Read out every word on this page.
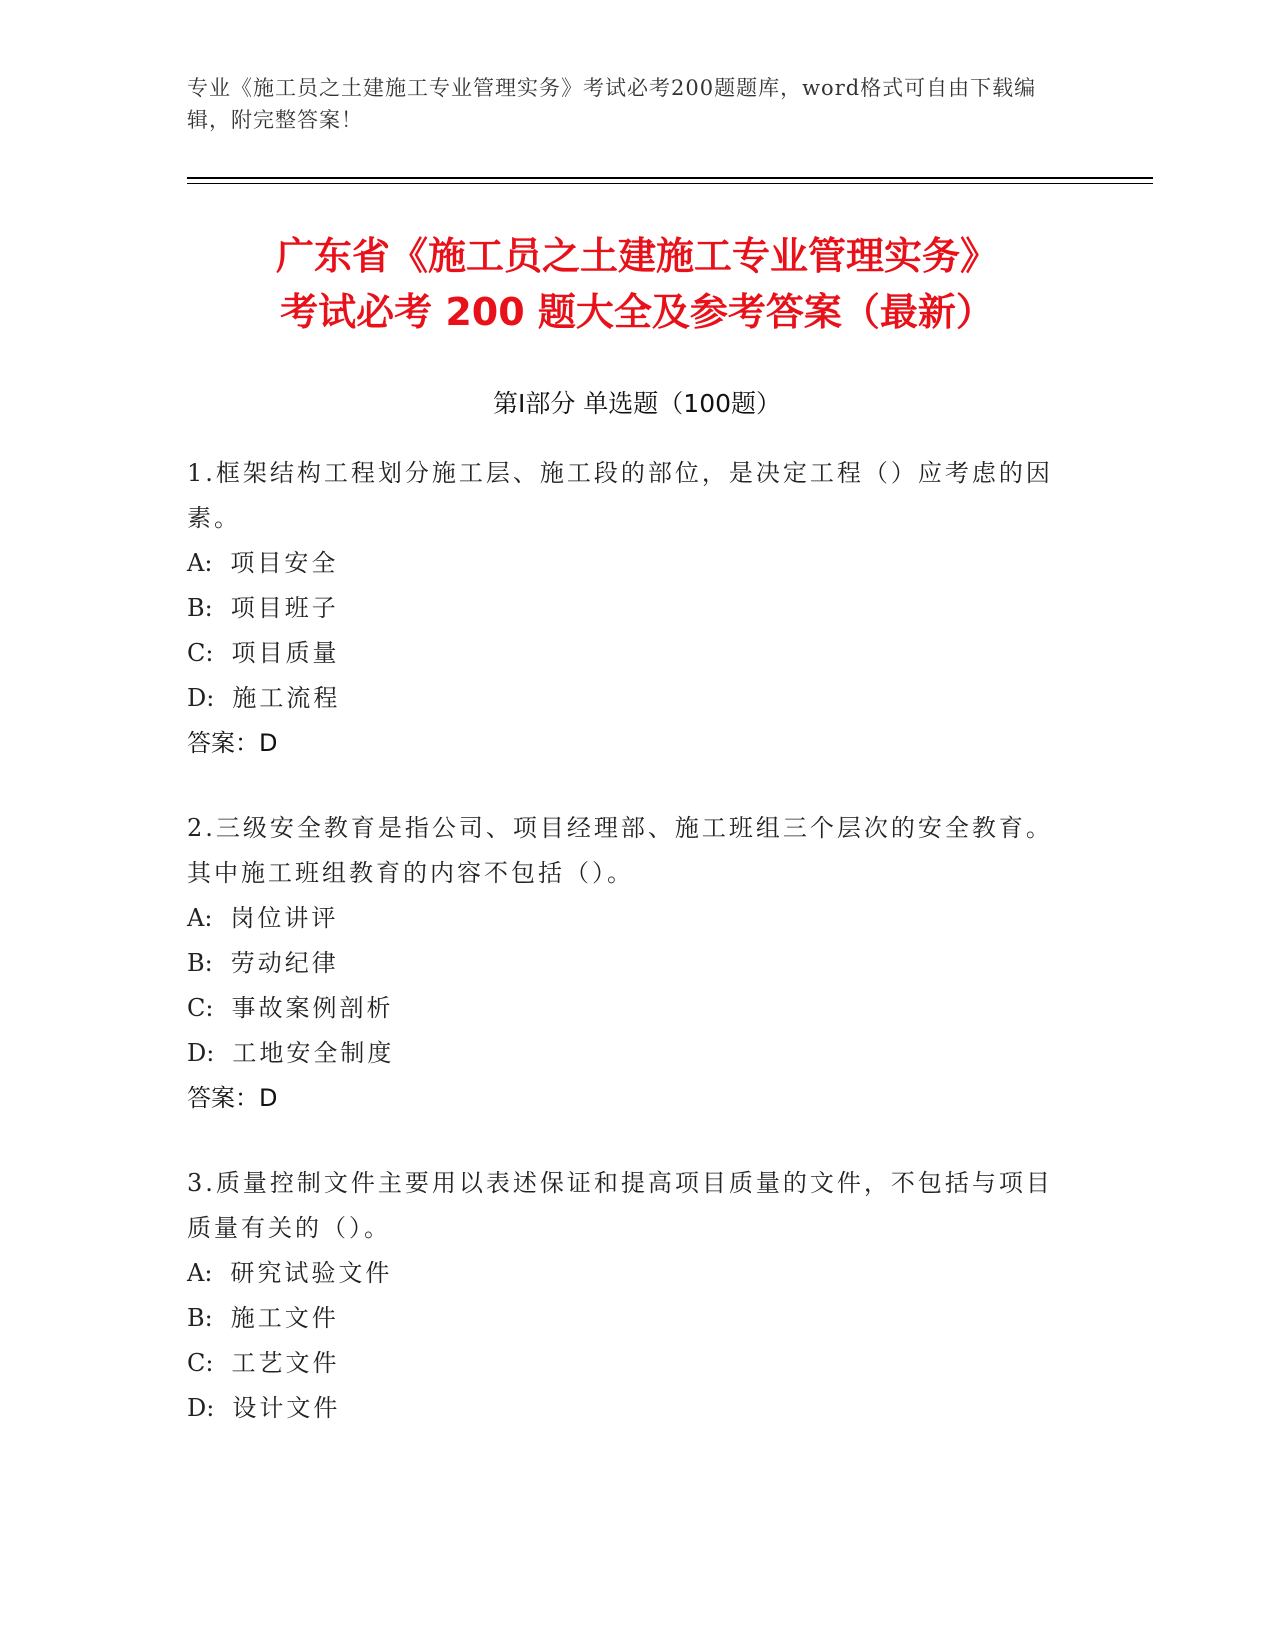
专业《施工员之土建施工专业管理实务》考试必考200题题库，word格式可自由下载编辑，附完整答案！
广东省《施工员之土建施工专业管理实务》
考试必考 200 题大全及参考答案（最新）
第Ⅰ部分 单选题（100题）
1.框架结构工程划分施工层、施工段的部位，是决定工程（）应考虑的因素。
A: 项目安全
B: 项目班子
C: 项目质量
D: 施工流程
答案：D
2.三级安全教育是指公司、项目经理部、施工班组三个层次的安全教育。其中施工班组教育的内容不包括（）。
A: 岗位讲评
B: 劳动纪律
C: 事故案例剖析
D: 工地安全制度
答案：D
3.质量控制文件主要用以表述保证和提高项目质量的文件，不包括与项目质量有关的（）。
A: 研究试验文件
B: 施工文件
C: 工艺文件
D: 设计文件
